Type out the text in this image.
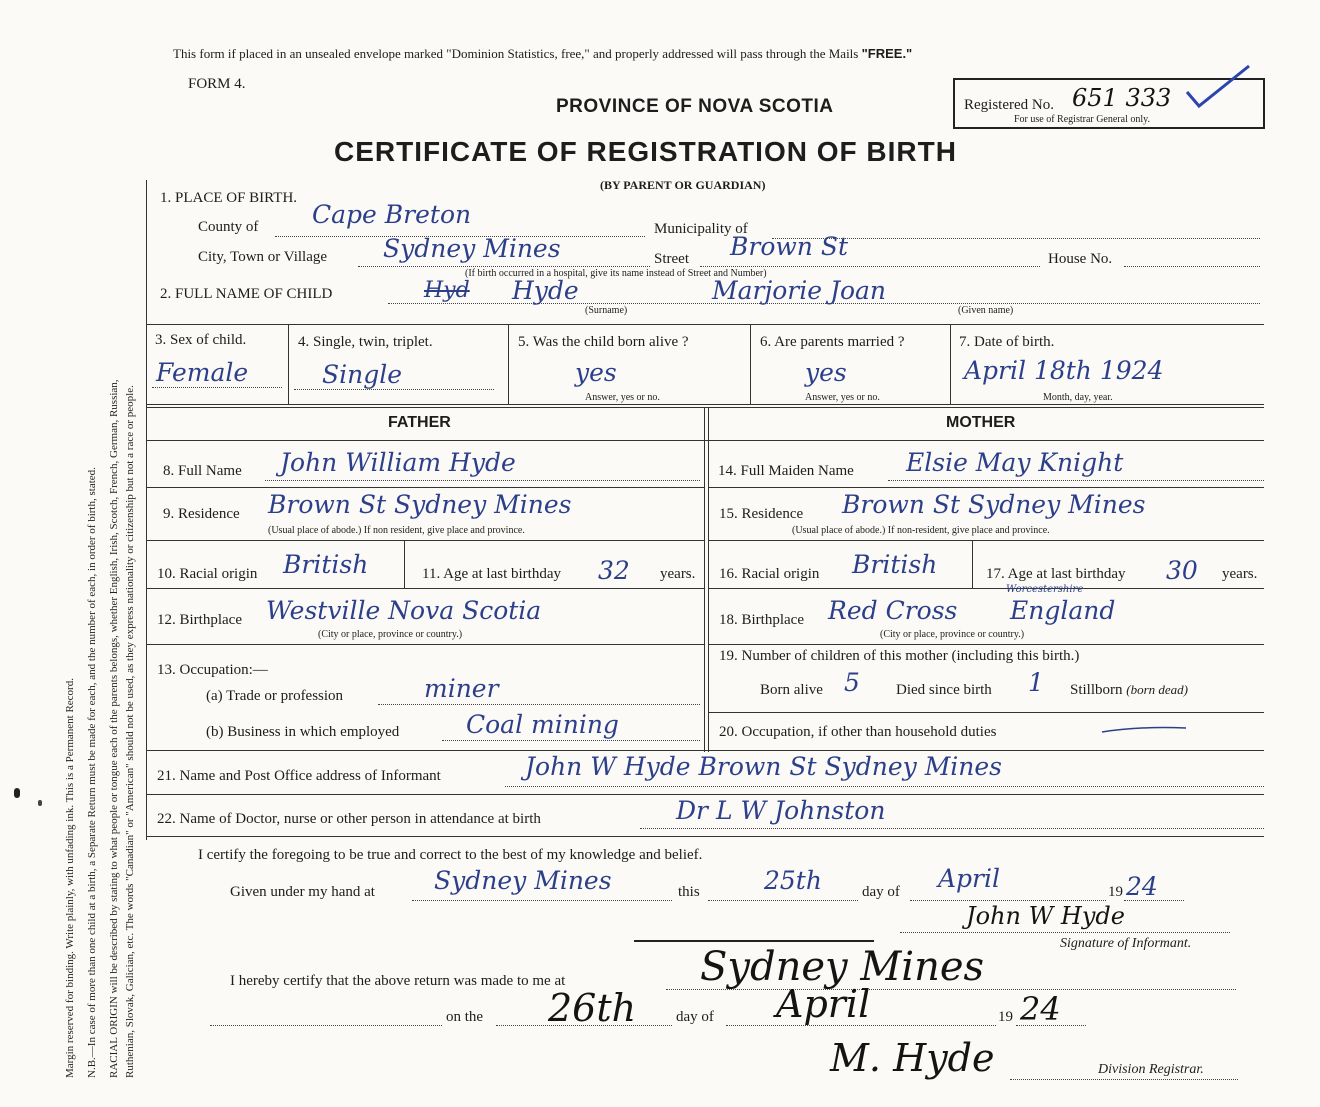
Margin reserved for binding. Write plainly, with unfading ink. This is a Permanent Record. N.B.—In case of more than one child at a birth, a Separate Return must be made for each, and the number of each, in order of birth, stated. RACIAL ORIGIN will be described by stating to what people or tongue each of the parents belongs, whether English, Irish, Scotch, French, German, Russian, Ruthenian, Slovak, Galician, etc. The words "Canadian" or "American" should not be used, as they express nationality or citizenship but not a race or people.
This form if placed in an unsealed envelope marked "Dominion Statistics, free," and properly addressed will pass through the Mails "FREE."
FORM 4.
PROVINCE OF NOVA SCOTIA
CERTIFICATE OF REGISTRATION OF BIRTH
(BY PARENT OR GUARDIAN)
Registered No. 651 333
For use of Registrar General only.
1. PLACE OF BIRTH.
County of Cape Breton	Municipality of
City, Town or Village Sydney Mines	Street Brown St	House No.
(If birth occurred in a hospital, give its name instead of Street and Number)
2. FULL NAME OF CHILD	Hyd Hyde	Marjorie Joan
(Surname)	(Given name)
3. Sex of child.
Female
4. Single, twin, triplet.
Single
5. Was the child born alive ?
yes
Answer, yes or no.
6. Are parents married ?
yes
Answer, yes or no.
7. Date of birth.
April 18th 1924
Month, day, year.
FATHER	MOTHER
8. Full Name John William Hyde
9. Residence Brown St Sydney Mines
(Usual place of abode.) If non resident, give place and province.
10. Racial origin British	11. Age at last birthday 32 years.
12. Birthplace Westville Nova Scotia
(City or place, province or country.)
13. Occupation:—
(a) Trade or profession	miner
(b) Business in which employed	Coal mining
14. Full Maiden Name Elsie May Knight
15. Residence Brown St Sydney Mines
(Usual place of abode.) If non-resident, give place and province.
16. Racial origin British	17. Age at last birthday 30 years.
18. Birthplace Red Cross
Worcestershire
England
(City or place, province or country.)
19. Number of children of this mother (including this birth.)
Born alive 5 Died since birth 1 Stillborn (born dead)
20. Occupation, if other than household duties
21. Name and Post Office address of Informant	John W Hyde Brown St Sydney Mines
22. Name of Doctor, nurse or other person in attendance at birth	Dr L W Johnston
I certify the foregoing to be true and correct to the best of my knowledge and belief.
Given under my hand at Sydney Mines	this	25th	day of April	19 24
John W Hyde
Signature of Informant.
I hereby certify that the above return was made to me at	Sydney Mines
on the 26th	day of April	19 24
M. Hyde	Division Registrar.
